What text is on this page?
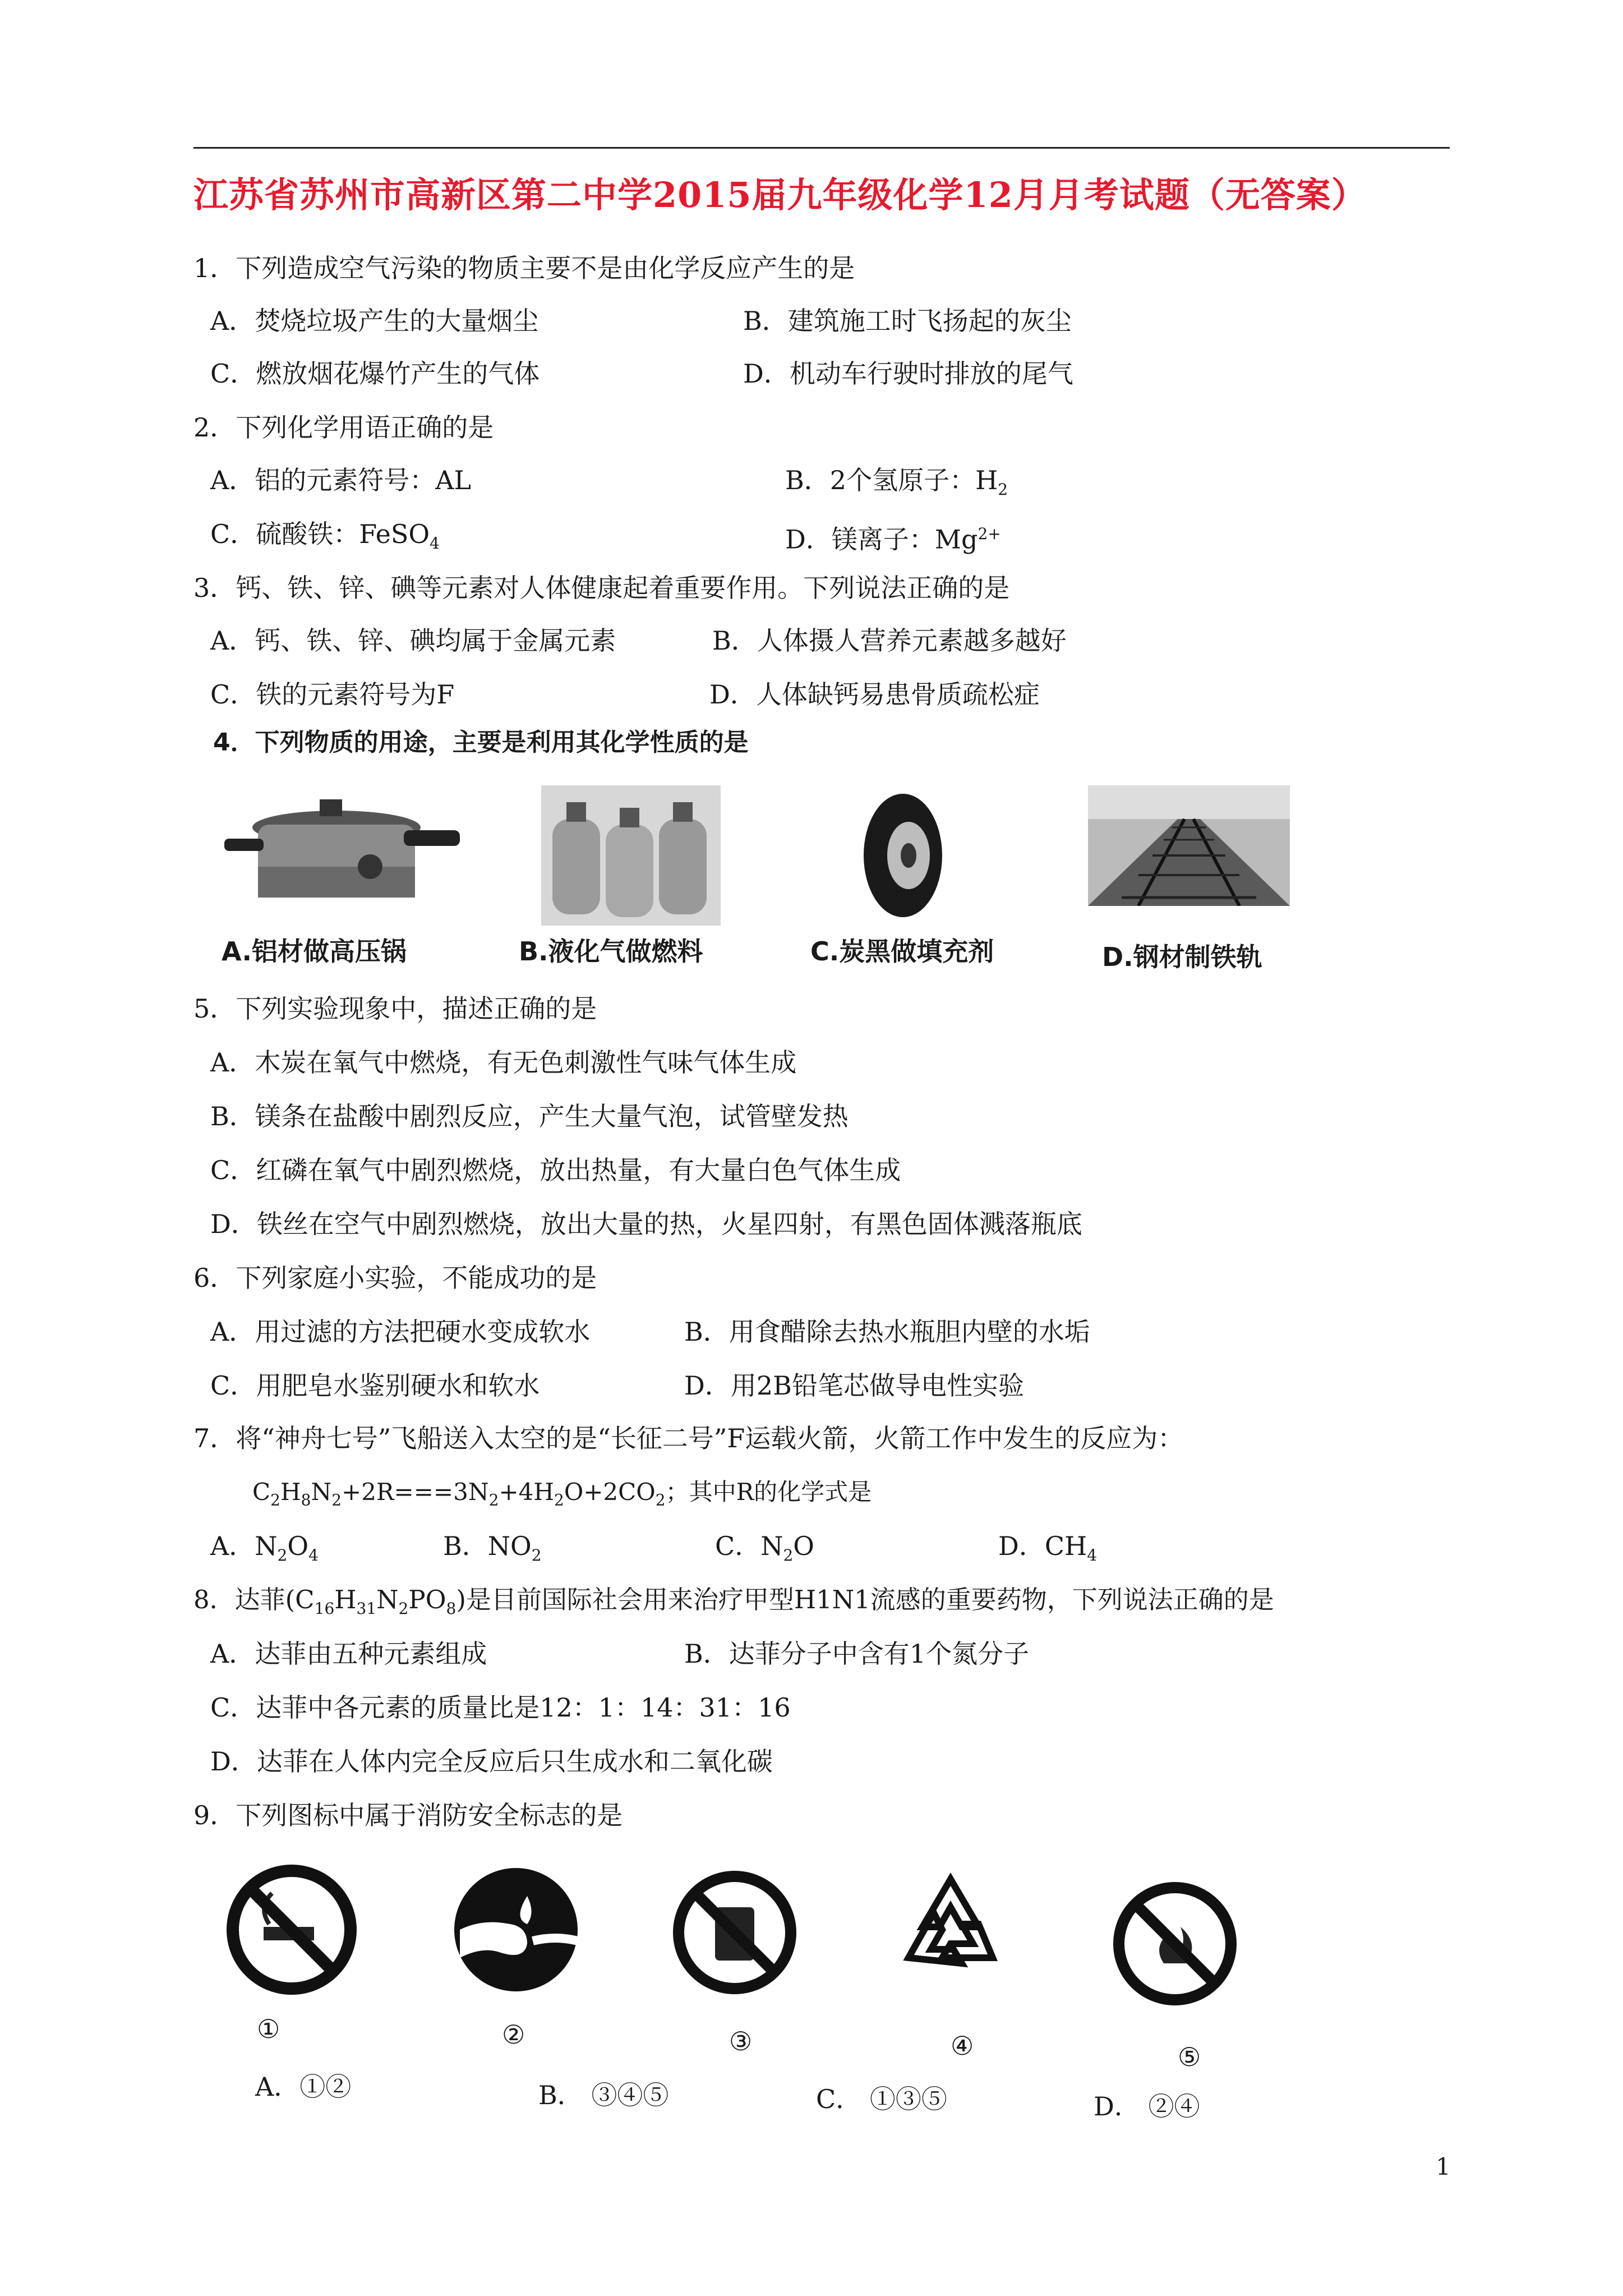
江苏省苏州市高新区第二中学2015届九年级化学12月月考试题（无答案）
1．下列造成空气污染的物质主要不是由化学反应产生的是
A．焚烧垃圾产生的大量烟尘	B．建筑施工时飞扬起的灰尘
C．燃放烟花爆竹产生的气体	D．机动车行驶时排放的尾气
2．下列化学用语正确的是
A．铝的元素符号：AL	B．2个氢原子：$H_2$
C．硫酸铁：FeSO$_4$	D．镁离子：$Mg^{2+}$
3．钙、铁、锌、碘等元素对人体健康起着重要作用。下列说法正确的是
A．钙、铁、锌、碘均属于金属元素	B．人体摄人营养元素越多越好
C．铁的元素符号为F	D．人体缺钙易患骨质疏松症
4．下列物质的用途，主要是利用其化学性质的是
A.铝材做高压锅	B.液化气做燃料	C.炭黑做填充剂	D.钢材制铁轨
5．下列实验现象中，描述正确的是
A．木炭在氧气中燃烧，有无色刺激性气味气体生成
B．镁条在盐酸中剧烈反应，产生大量气泡，试管壁发热
C．红磷在氧气中剧烈燃烧，放出热量，有大量白色气体生成
D．铁丝在空气中剧烈燃烧，放出大量的热，火星四射，有黑色固体溅落瓶底
6．下列家庭小实验，不能成功的是
A．用过滤的方法把硬水变成软水	B．用食醋除去热水瓶胆内壁的水垢
C．用肥皂水鉴别硬水和软水	D．用2B铅笔芯做导电性实验
7．将“神舟七号”飞船送入太空的是“长征二号”F运载火箭，火箭工作中发生的反应为：
$C_2H_8N_2+2R===3N_2+4H_2O+2CO_2$；其中R的化学式是
A．$N_2O_4$	B．$NO_2$	C．$N_2O$	D．$CH_4$
8．达菲$(C_{16}H_{31}N_2PO_8)$是目前国际社会用来治疗甲型H1N1流感的重要药物，下列说法正确的是
A．达菲由五种元素组成	B．达菲分子中含有1个氮分子
C．达菲中各元素的质量比是12：1：14：31：16
D．达菲在人体内完全反应后只生成水和二氧化碳
9．下列图标中属于消防安全标志的是
①	②	③	④	⑤
A．①②	B． ③④⑤	C． ①③⑤	D． ②④
1
